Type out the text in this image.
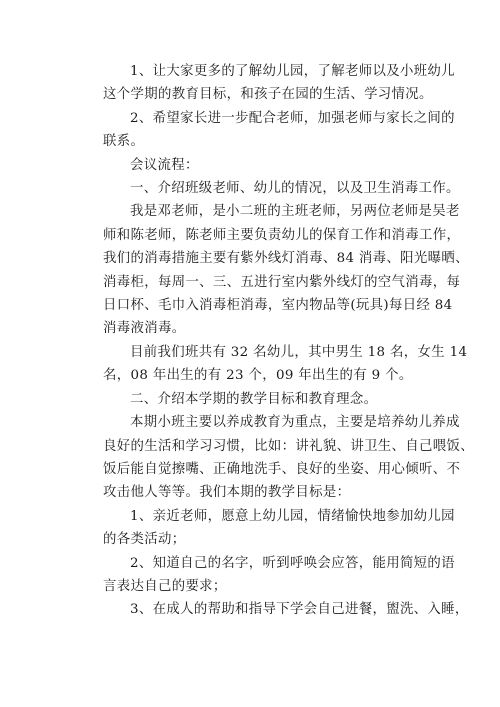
1、让大家更多的了解幼儿园，了解老师以及小班幼儿
这个学期的教育目标，和孩子在园的生活、学习情况。
2、希望家长进一步配合老师，加强老师与家长之间的
联系。
会议流程：
一、介绍班级老师、幼儿的情况，以及卫生消毒工作。
我是邓老师，是小二班的主班老师，另两位老师是吴老
师和陈老师，陈老师主要负责幼儿的保育工作和消毒工作，
我们的消毒措施主要有紫外线灯消毒、84 消毒、阳光曝晒、
消毒柜，每周一、三、五进行室内紫外线灯的空气消毒，每
日口杯、毛巾入消毒柜消毒，室内物品等(玩具)每日经 84
消毒液消毒。
目前我们班共有 32 名幼儿，其中男生 18 名，女生 14
名，08 年出生的有 23 个，09 年出生的有 9 个。
二、介绍本学期的教学目标和教育理念。
本期小班主要以养成教育为重点，主要是培养幼儿养成
良好的生活和学习习惯，比如：讲礼貌、讲卫生、自己喂饭、
饭后能自觉擦嘴、正确地洗手、良好的坐姿、用心倾听、不
攻击他人等等。我们本期的教学目标是：
1、亲近老师，愿意上幼儿园，情绪愉快地参加幼儿园
的各类活动；
2、知道自己的名字，听到呼唤会应答，能用简短的语
言表达自己的要求；
3、在成人的帮助和指导下学会自己进餐，盥洗、入睡，
